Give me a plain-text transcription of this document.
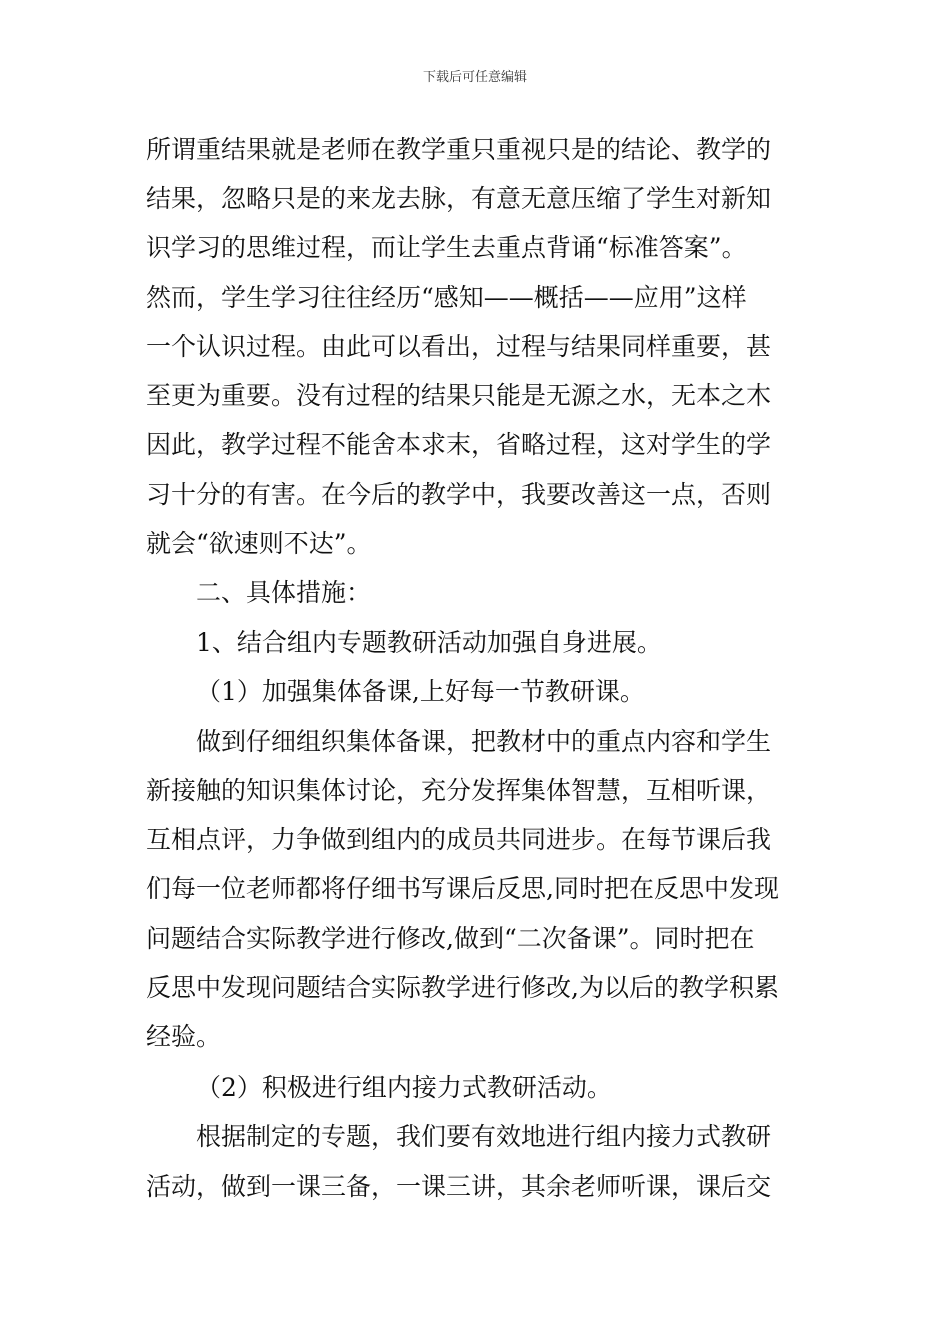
下载后可任意编辑
所谓重结果就是老师在教学重只重视只是的结论、教学的
结果，忽略只是的来龙去脉，有意无意压缩了学生对新知
识学习的思维过程，而让学生去重点背诵“标准答案”。
然而，学生学习往往经历“感知——概括——应用”这样
一个认识过程。由此可以看出，过程与结果同样重要，甚
至更为重要。没有过程的结果只能是无源之水，无本之木
因此，教学过程不能舍本求末，省略过程，这对学生的学
习十分的有害。在今后的教学中，我要改善这一点，否则
就会“欲速则不达”。
二、具体措施：
1、结合组内专题教研活动加强自身进展。
（1）加强集体备课,上好每一节教研课。
做到仔细组织集体备课，把教材中的重点内容和学生
新接触的知识集体讨论，充分发挥集体智慧，互相听课，
互相点评，力争做到组内的成员共同进步。在每节课后我
们每一位老师都将仔细书写课后反思,同时把在反思中发现
问题结合实际教学进行修改,做到“二次备课”。同时把在
反思中发现问题结合实际教学进行修改,为以后的教学积累
经验。
（2）积极进行组内接力式教研活动。
根据制定的专题，我们要有效地进行组内接力式教研
活动，做到一课三备，一课三讲，其余老师听课，课后交
